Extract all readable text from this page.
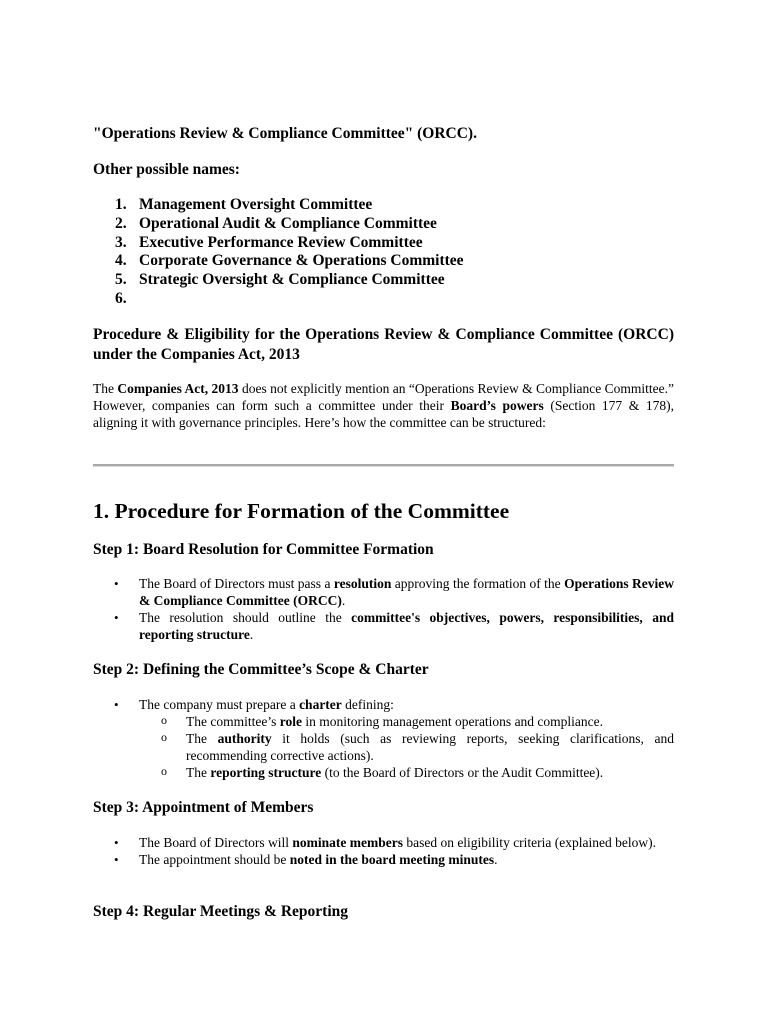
"Operations Review & Compliance Committee" (ORCC).

Other possible names:

1. Management Oversight Committee
2. Operational Audit & Compliance Committee
3. Executive Performance Review Committee
4. Corporate Governance & Operations Committee
5. Strategic Oversight & Compliance Committee
6.

Procedure & Eligibility for the Operations Review & Compliance Committee (ORCC) under the Companies Act, 2013

The Companies Act, 2013 does not explicitly mention an “Operations Review & Compliance Committee.” However, companies can form such a committee under their Board’s powers (Section 177 & 178), aligning it with governance principles. Here’s how the committee can be structured:

1. Procedure for Formation of the Committee

Step 1: Board Resolution for Committee Formation

• The Board of Directors must pass a resolution approving the formation of the Operations Review & Compliance Committee (ORCC).
• The resolution should outline the committee's objectives, powers, responsibilities, and reporting structure.

Step 2: Defining the Committee’s Scope & Charter

• The company must prepare a charter defining:
o The committee’s role in monitoring management operations and compliance.
o The authority it holds (such as reviewing reports, seeking clarifications, and recommending corrective actions).
o The reporting structure (to the Board of Directors or the Audit Committee).

Step 3: Appointment of Members

• The Board of Directors will nominate members based on eligibility criteria (explained below).
• The appointment should be noted in the board meeting minutes.

Step 4: Regular Meetings & Reporting
